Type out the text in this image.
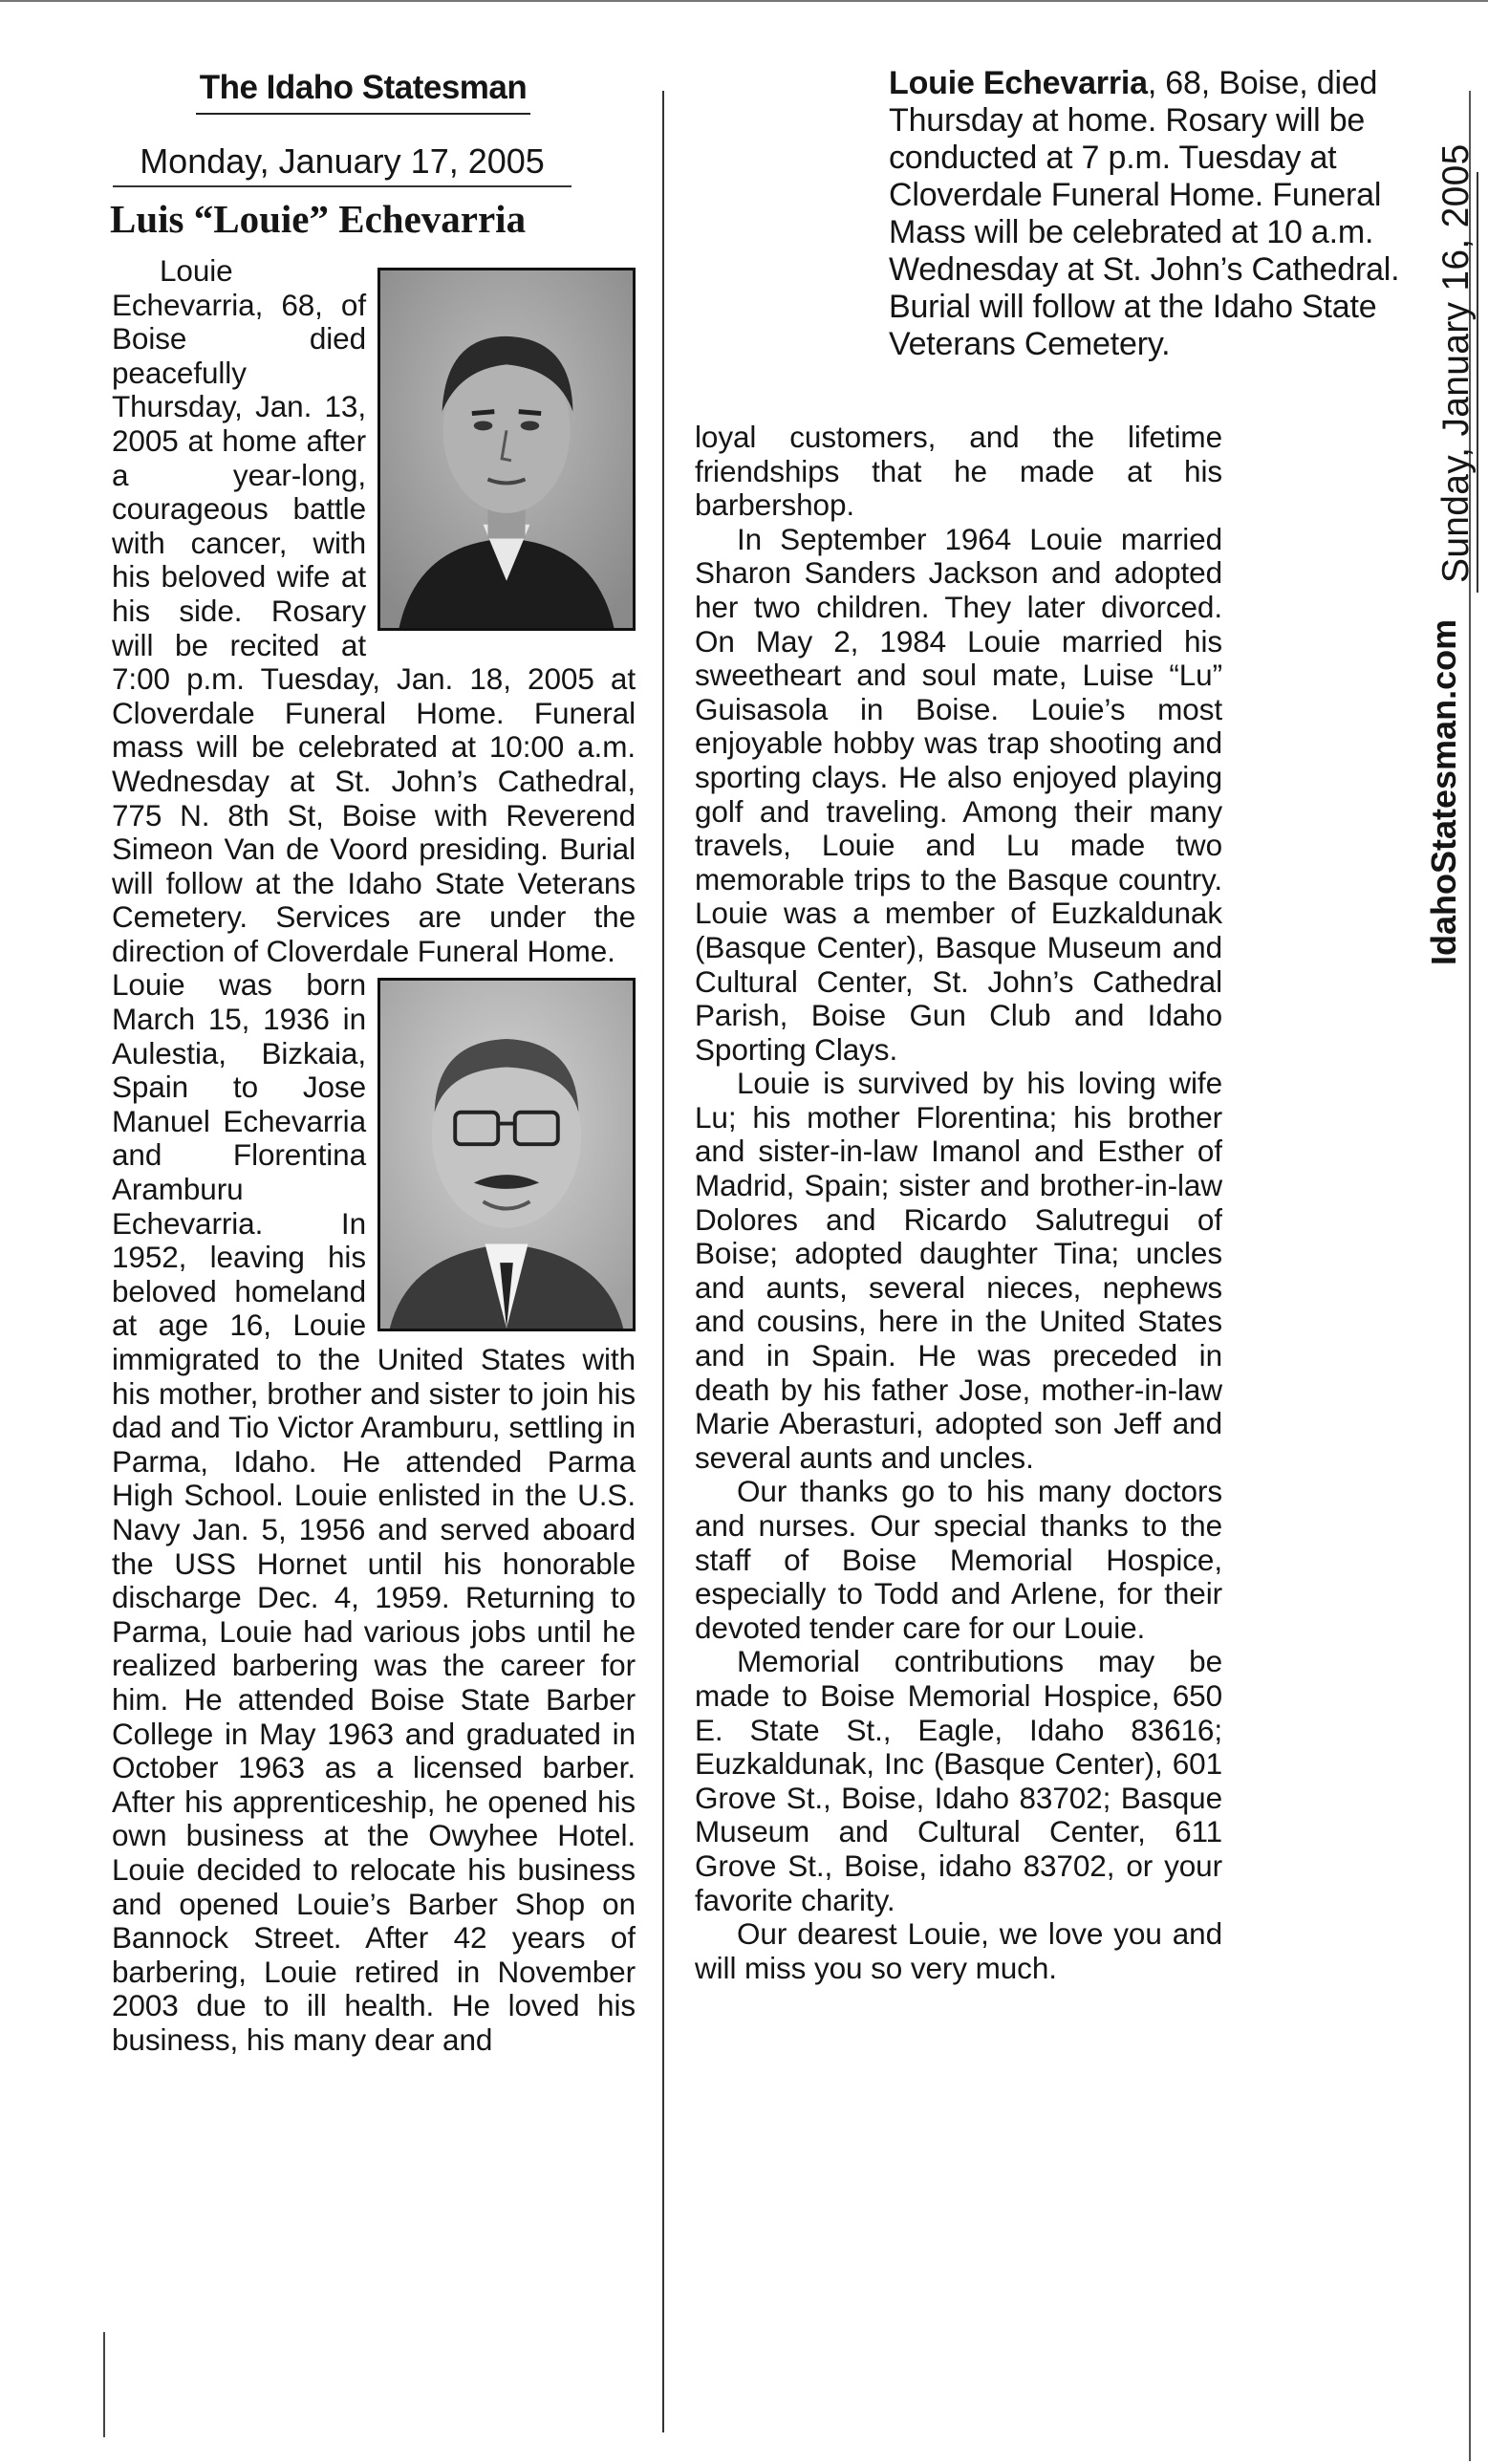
The Idaho Statesman
Monday, January 17, 2005
Luis “Louie” Echevarria

Louie Echevarria, 68, of Boise died peacefully Thursday, Jan. 13, 2005 at home after a year-long, courageous battle with cancer, with his beloved wife at his side. Rosary will be recited at 7:00 p.m. Tuesday, Jan. 18, 2005 at Cloverdale Funeral Home. Funeral mass will be celebrated at 10:00 a.m. Wednesday at St. John’s Cathedral, 775 N. 8th St, Boise with Reverend Simeon Van de Voord presiding. Burial will follow at the Idaho State Veterans Cemetery. Services are under the direction of Cloverdale Funeral Home.

Louie was born March 15, 1936 in Aulestia, Bizkaia, Spain to Jose Manuel Echevarria and Florentina Aramburu Echevarria. In 1952, leaving his beloved homeland at age 16, Louie immigrated to the United States with his mother, brother and sister to join his dad and Tio Victor Aramburu, settling in Parma, Idaho. He attended Parma High School. Louie enlisted in the U.S. Navy Jan. 5, 1956 and served aboard the USS Hornet until his honorable discharge Dec. 4, 1959. Returning to Parma, Louie had various jobs until he realized barbering was the career for him. He attended Boise State Barber College in May 1963 and graduated in October 1963 as a licensed barber. After his apprenticeship, he opened his own business at the Owyhee Hotel. Louie decided to relocate his business and opened Louie’s Barber Shop on Bannock Street. After 42 years of barbering, Louie retired in November 2003 due to ill health. He loved his business, his many dear and

Louie Echevarria, 68, Boise, died Thursday at home. Rosary will be conducted at 7 p.m. Tuesday at Cloverdale Funeral Home. Funeral Mass will be celebrated at 10 a.m. Wednesday at St. John’s Cathedral. Burial will follow at the Idaho State Veterans Cemetery.

loyal customers, and the lifetime friendships that he made at his barbershop.

In September 1964 Louie married Sharon Sanders Jackson and adopted her two children. They later divorced. On May 2, 1984 Louie married his sweetheart and soul mate, Luise “Lu” Guisasola in Boise. Louie’s most enjoyable hobby was trap shooting and sporting clays. He also enjoyed playing golf and traveling. Among their many travels, Louie and Lu made two memorable trips to the Basque country. Louie was a member of Euzkaldunak (Basque Center), Basque Museum and Cultural Center, St. John’s Cathedral Parish, Boise Gun Club and Idaho Sporting Clays.

Louie is survived by his loving wife Lu; his mother Florentina; his brother and sister-in-law Imanol and Esther of Madrid, Spain; sister and brother-in-law Dolores and Ricardo Salutregui of Boise; adopted daughter Tina; uncles and aunts, several nieces, nephews and cousins, here in the United States and in Spain. He was preceded in death by his father Jose, mother-in-law Marie Aberasturi, adopted son Jeff and several aunts and uncles.

Our thanks go to his many doctors and nurses. Our special thanks to the staff of Boise Memorial Hospice, especially to Todd and Arlene, for their devoted tender care for our Louie.

Memorial contributions may be made to Boise Memorial Hospice, 650 E. State St., Eagle, Idaho 83616; Euzkaldunak, Inc (Basque Center), 601 Grove St., Boise, Idaho 83702; Basque Museum and Cultural Center, 611 Grove St., Boise, idaho 83702, or your favorite charity.

Our dearest Louie, we love you and will miss you so very much.

Sunday, January 16, 2005
IdahoStatesman.com
